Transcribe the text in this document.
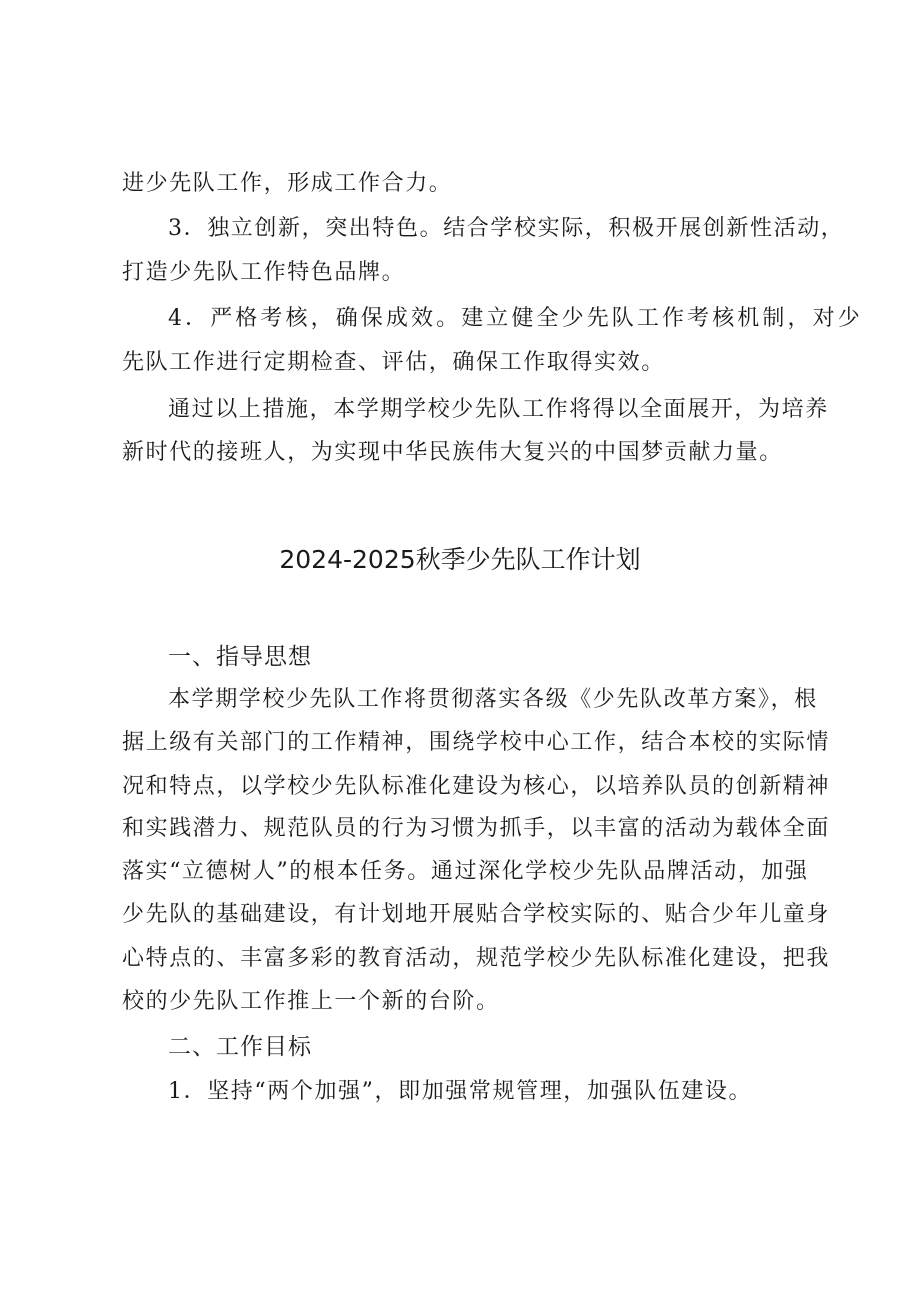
进少先队工作，形成工作合力。
3．独立创新，突出特色。结合学校实际，积极开展创新性活动，
打造少先队工作特色品牌。
4．严格考核，确保成效。建立健全少先队工作考核机制，对少
先队工作进行定期检查、评估，确保工作取得实效。
通过以上措施，本学期学校少先队工作将得以全面展开，为培养
新时代的接班人，为实现中华民族伟大复兴的中国梦贡献力量。
2024-2025秋季少先队工作计划
一、指导思想
本学期学校少先队工作将贯彻落实各级《少先队改革方案》，根
据上级有关部门的工作精神，围绕学校中心工作，结合本校的实际情
况和特点，以学校少先队标准化建设为核心，以培养队员的创新精神
和实践潜力、规范队员的行为习惯为抓手，以丰富的活动为载体全面
落实“立德树人”的根本任务。通过深化学校少先队品牌活动，加强
少先队的基础建设，有计划地开展贴合学校实际的、贴合少年儿童身
心特点的、丰富多彩的教育活动，规范学校少先队标准化建设，把我
校的少先队工作推上一个新的台阶。
二、工作目标
1．坚持“两个加强”，即加强常规管理，加强队伍建设。
